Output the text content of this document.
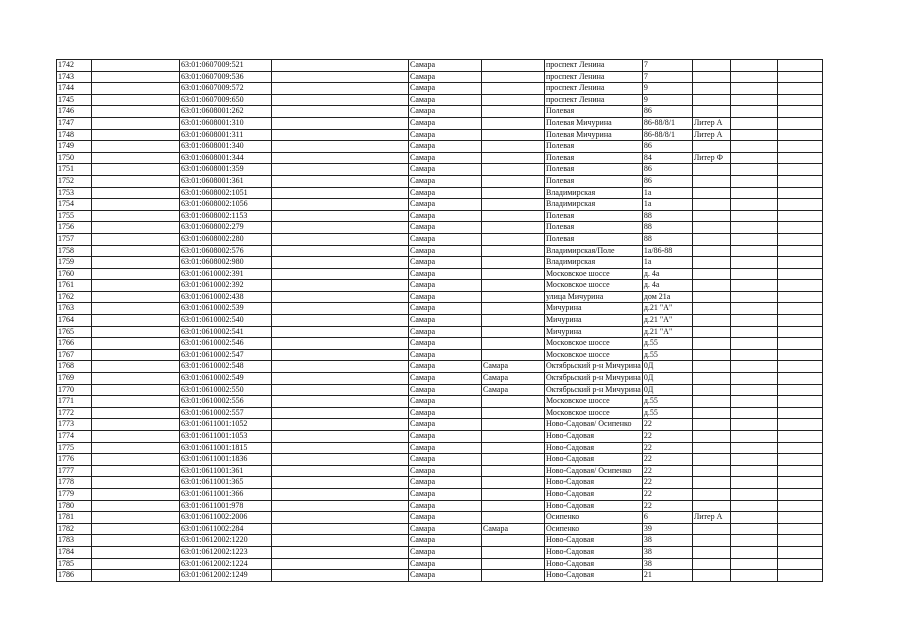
1742		63:01:0607009:521		Самара		проспект Ленина	7			
1743		63:01:0607009:536		Самара		проспект Ленина	7			
1744		63:01:0607009:572		Самара		проспект Ленина	9			
1745		63:01:0607009:650		Самара		проспект Ленина	9			
1746		63:01:0608001:262		Самара		Полевая	86			
1747		63:01:0608001:310		Самара		Полевая Мичурина	86-88/8/1	Литер А		
1748		63:01:0608001:311		Самара		Полевая Мичурина	86-88/8/1	Литер А		
1749		63:01:0608001:340		Самара		Полевая	86			
1750		63:01:0608001:344		Самара		Полевая	84	Литер Ф		
1751		63:01:0608001:359		Самара		Полевая	86			
1752		63:01:0608001:361		Самара		Полевая	86			
1753		63:01:0608002:1051		Самара		Владимирская	1а			
1754		63:01:0608002:1056		Самара		Владимирская	1а			
1755		63:01:0608002:1153		Самара		Полевая	88			
1756		63:01:0608002:279		Самара		Полевая	88			
1757		63:01:0608002:280		Самара		Полевая	88			
1758		63:01:0608002:576		Самара		Владимирская/Поле	1а/86-88			
1759		63:01:0608002:980		Самара		Владимирская	1а			
1760		63:01:0610002:391		Самара		Московское шоссе	д. 4а			
1761		63:01:0610002:392		Самара		Московское шоссе	д. 4а			
1762		63:01:0610002:438		Самара		улица Мичурина	дом 21а			
1763		63:01:0610002:539		Самара		Мичурина	д.21 "А"			
1764		63:01:0610002:540		Самара		Мичурина	д.21 "А"			
1765		63:01:0610002:541		Самара		Мичурина	д.21 "А"			
1766		63:01:0610002:546		Самара		Московское шоссе	д.55			
1767		63:01:0610002:547		Самара		Московское шоссе	д.55			
1768		63:01:0610002:548		Самара	Самара	Октябрьский р-н Мичурина	0Д			
1769		63:01:0610002:549		Самара	Самара	Октябрьский р-н Мичурина	0Д			
1770		63:01:0610002:550		Самара	Самара	Октябрьский р-н Мичурина	0Д			
1771		63:01:0610002:556		Самара		Московское шоссе	д.55			
1772		63:01:0610002:557		Самара		Московское шоссе	д.55			
1773		63:01:0611001:1052		Самара		Ново-Садовая/ Осипенко	22			
1774		63:01:0611001:1053		Самара		Ново-Садовая	22			
1775		63:01:0611001:1815		Самара		Ново-Садовая	22			
1776		63:01:0611001:1836		Самара		Ново-Садовая	22			
1777		63:01:0611001:361		Самара		Ново-Садовая/ Осипенко	22			
1778		63:01:0611001:365		Самара		Ново-Садовая	22			
1779		63:01:0611001:366		Самара		Ново-Садовая	22			
1780		63:01:0611001:978		Самара		Ново-Садовая	22			
1781		63:01:0611002:2006		Самара		Осипенко	6	Литер А		
1782		63:01:0611002:284		Самара	Самара	Осипенко	39			
1783		63:01:0612002:1220		Самара		Ново-Садовая	38			
1784		63:01:0612002:1223		Самара		Ново-Садовая	38			
1785		63:01:0612002:1224		Самара		Ново-Садовая	38			
1786		63:01:0612002:1249		Самара		Ново-Садовая	21			
